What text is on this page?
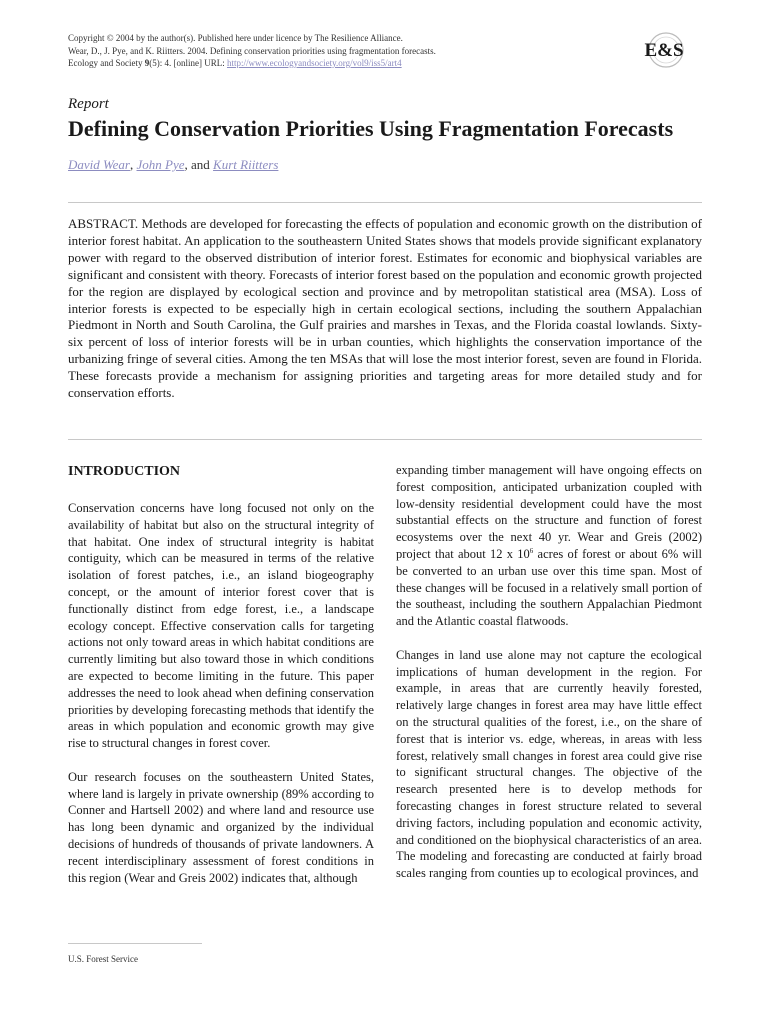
Copyright © 2004 by the author(s). Published here under licence by The Resilience Alliance.
Wear, D., J. Pye, and K. Riitters. 2004. Defining conservation priorities using fragmentation forecasts.
Ecology and Society 9(5): 4. [online] URL: http://www.ecologyandsociety.org/vol9/iss5/art4
E&S
Report
Defining Conservation Priorities Using Fragmentation Forecasts
David Wear, John Pye, and Kurt Riitters

ABSTRACT. Methods are developed for forecasting the effects of population and economic growth on the distribution of interior forest habitat. An application to the southeastern United States shows that models provide significant explanatory power with regard to the observed distribution of interior forest. Estimates for economic and biophysical variables are significant and consistent with theory. Forecasts of interior forest based on the population and economic growth projected for the region are displayed by ecological section and province and by metropolitan statistical area (MSA). Loss of interior forests is expected to be especially high in certain ecological sections, including the southern Appalachian Piedmont in North and South Carolina, the Gulf prairies and marshes in Texas, and the Florida coastal lowlands. Sixty-six percent of loss of interior forests will be in urban counties, which highlights the conservation importance of the urbanizing fringe of several cities. Among the ten MSAs that will lose the most interior forest, seven are found in Florida. These forecasts provide a mechanism for assigning priorities and targeting areas for more detailed study and for conservation efforts.

INTRODUCTION

Conservation concerns have long focused not only on the availability of habitat but also on the structural integrity of that habitat. One index of structural integrity is habitat contiguity, which can be measured in terms of the relative isolation of forest patches, i.e., an island biogeography concept, or the amount of interior forest cover that is functionally distinct from edge forest, i.e., a landscape ecology concept. Effective conservation calls for targeting actions not only toward areas in which habitat conditions are currently limiting but also toward those in which conditions are expected to become limiting in the future. This paper addresses the need to look ahead when defining conservation priorities by developing forecasting methods that identify the areas in which population and economic growth may give rise to structural changes in forest cover.

Our research focuses on the southeastern United States, where land is largely in private ownership (89% according to Conner and Hartsell 2002) and where land and resource use has long been dynamic and organized by the individual decisions of hundreds of thousands of private landowners. A recent interdisciplinary assessment of forest conditions in this region (Wear and Greis 2002) indicates that, although

expanding timber management will have ongoing effects on forest composition, anticipated urbanization coupled with low-density residential development could have the most substantial effects on the structure and function of forest ecosystems over the next 40 yr. Wear and Greis (2002) project that about 12 x $10^6$ acres of forest or about 6% will be converted to an urban use over this time span. Most of these changes will be focused in a relatively small portion of the southeast, including the southern Appalachian Piedmont and the Atlantic coastal flatwoods.

Changes in land use alone may not capture the ecological implications of human development in the region. For example, in areas that are currently heavily forested, relatively large changes in forest area may have little effect on the structural qualities of the forest, i.e., on the share of forest that is interior vs. edge, whereas, in areas with less forest, relatively small changes in forest area could give rise to significant structural changes. The objective of the research presented here is to develop methods for forecasting changes in forest structure related to several driving factors, including population and economic activity, and conditioned on the biophysical characteristics of an area. The modeling and forecasting are conducted at fairly broad scales ranging from counties up to ecological provinces, and

U.S. Forest Service
